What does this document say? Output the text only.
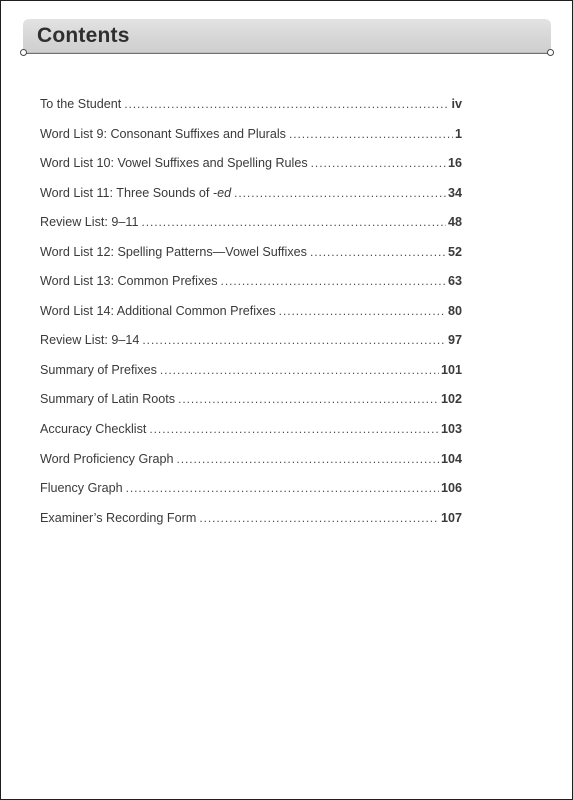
Contents
To the Student . . .	iv
Word List 9: Consonant Suffixes and Plurals . . .	1
Word List 10: Vowel Suffixes and Spelling Rules . . .	16
Word List 11: Three Sounds of -ed . . .	34
Review List: 9–11 . . .	48
Word List 12: Spelling Patterns—Vowel Suffixes . . .	52
Word List 13: Common Prefixes . . .	63
Word List 14: Additional Common Prefixes . . .	80
Review List: 9–14 . . .	97
Summary of Prefixes . . .	101
Summary of Latin Roots . . .	102
Accuracy Checklist . . .	103
Word Proficiency Graph . . .	104
Fluency Graph . . .	106
Examiner’s Recording Form . . .	107
